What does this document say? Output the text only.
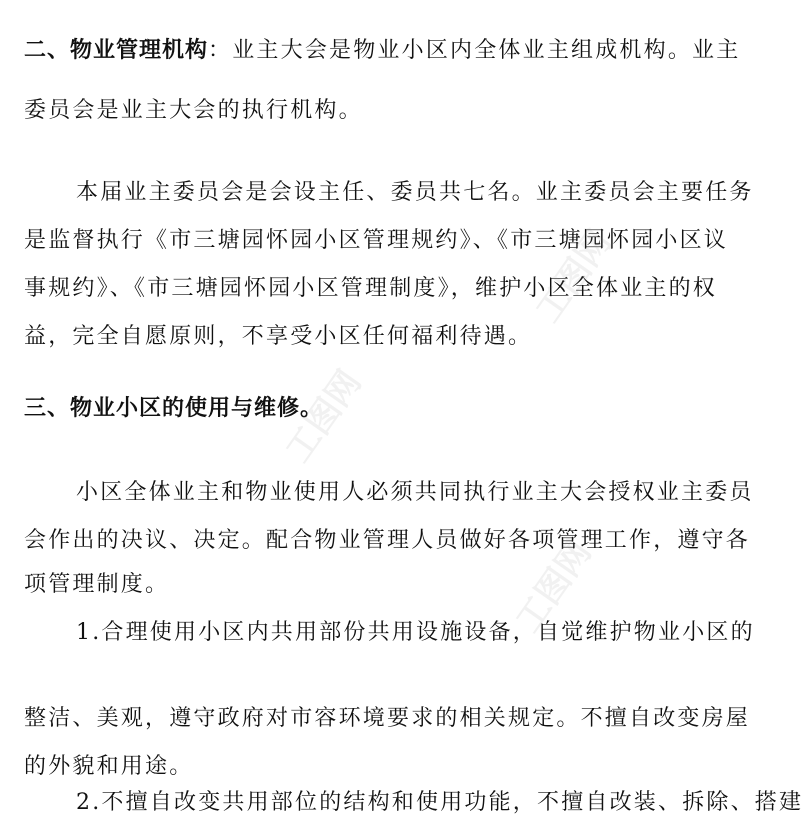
二、物业管理机构：业主大会是物业小区内全体业主组成机构。业主
委员会是业主大会的执行机构。
本届业主委员会是会设主任、委员共七名。业主委员会主要任务
是监督执行《市三塘园怀园小区管理规约》、《市三塘园怀园小区议
事规约》、《市三塘园怀园小区管理制度》，维护小区全体业主的权
益，完全自愿原则，不享受小区任何福利待遇。
三、物业小区的使用与维修。
小区全体业主和物业使用人必须共同执行业主大会授权业主委员
会作出的决议、决定。配合物业管理人员做好各项管理工作，遵守各
项管理制度。
1.合理使用小区内共用部份共用设施设备，自觉维护物业小区的
整洁、美观，遵守政府对市容环境要求的相关规定。不擅自改变房屋
的外貌和用途。
2.不擅自改变共用部位的结构和使用功能，不擅自改装、拆除、搭建
工图网
工图网
工图网
